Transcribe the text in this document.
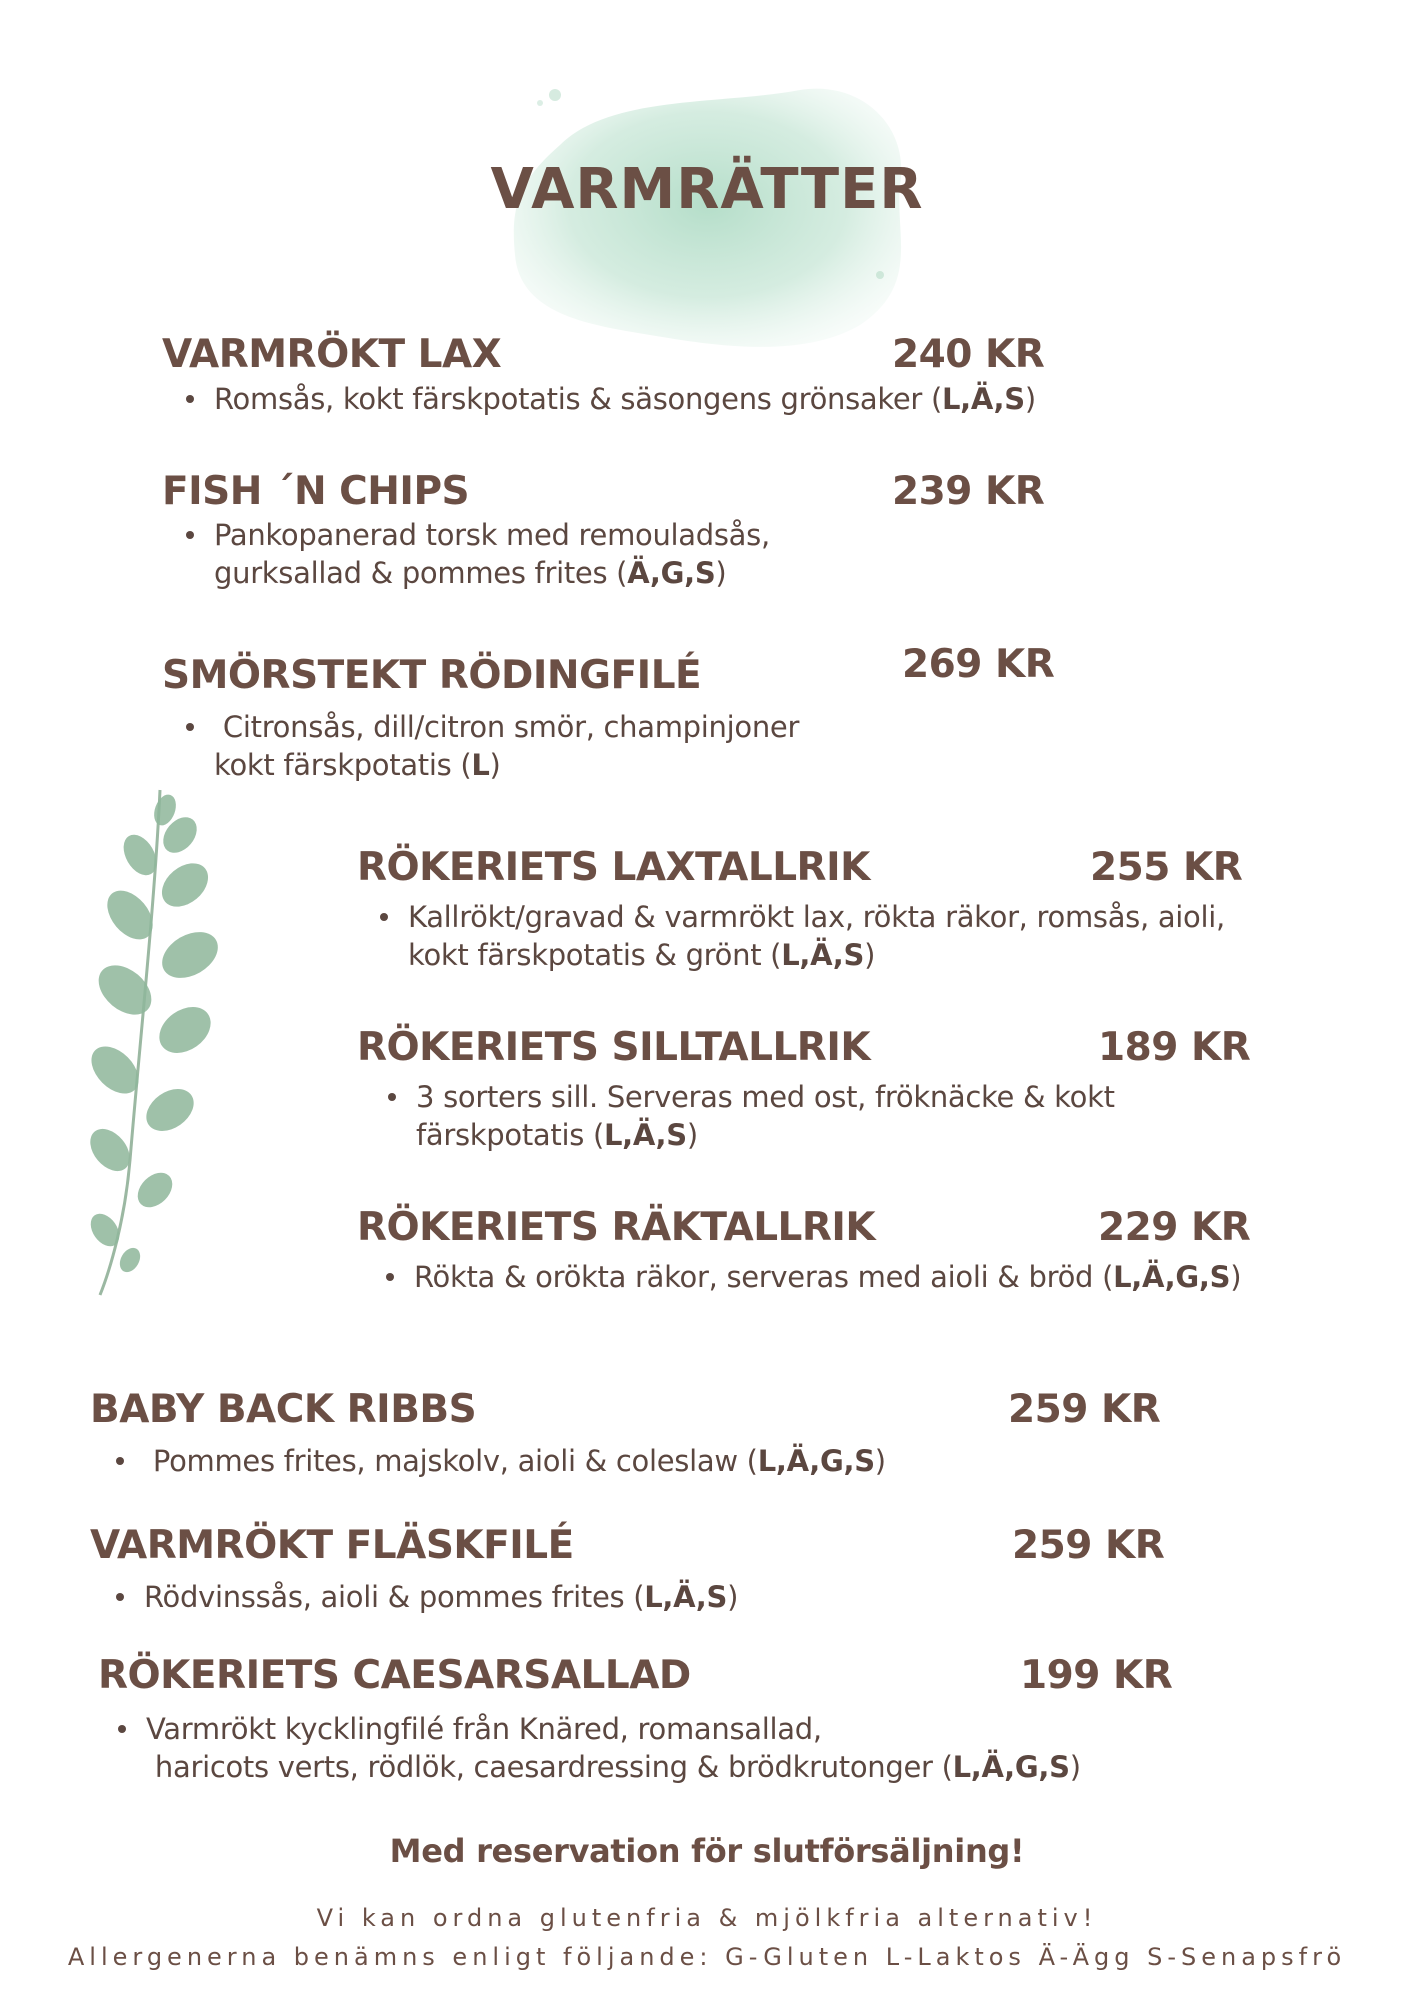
VARMRÄTTER
VARMRÖKT LAX	240 KR
Romsås, kokt färskpotatis & säsongens grönsaker (L,Ä,S)
FISH ´N CHIPS	239 KR
Pankopanerad torsk med remouladsås,
gurksallad & pommes frites (Ä,G,S)
SMÖRSTEKT RÖDINGFILÉ	269 KR
Citronsås, dill/citron smör, champinjoner
kokt färskpotatis (L)
RÖKERIETS LAXTALLRIK	255 KR
Kallrökt/gravad & varmrökt lax, rökta räkor, romsås, aioli,
kokt färskpotatis & grönt (L,Ä,S)
RÖKERIETS SILLTALLRIK	189 KR
3 sorters sill. Serveras med ost, fröknäcke & kokt
färskpotatis (L,Ä,S)
RÖKERIETS RÄKTALLRIK	229 KR
Rökta & orökta räkor, serveras med aioli & bröd (L,Ä,G,S)
BABY BACK RIBBS	259 KR
Pommes frites, majskolv, aioli & coleslaw (L,Ä,G,S)
VARMRÖKT FLÄSKFILÉ	259 KR
Rödvinssås, aioli & pommes frites (L,Ä,S)
RÖKERIETS CAESARSALLAD	199 KR
Varmrökt kycklingfilé från Knäred, romansallad,
haricots verts, rödlök, caesardressing & brödkrutonger (L,Ä,G,S)
Med reservation för slutförsäljning!
Vi kan ordna glutenfria & mjölkfria alternativ!
Allergenerna benämns enligt följande: G-Gluten L-Laktos Ä-Ägg S-Senapsfrö
